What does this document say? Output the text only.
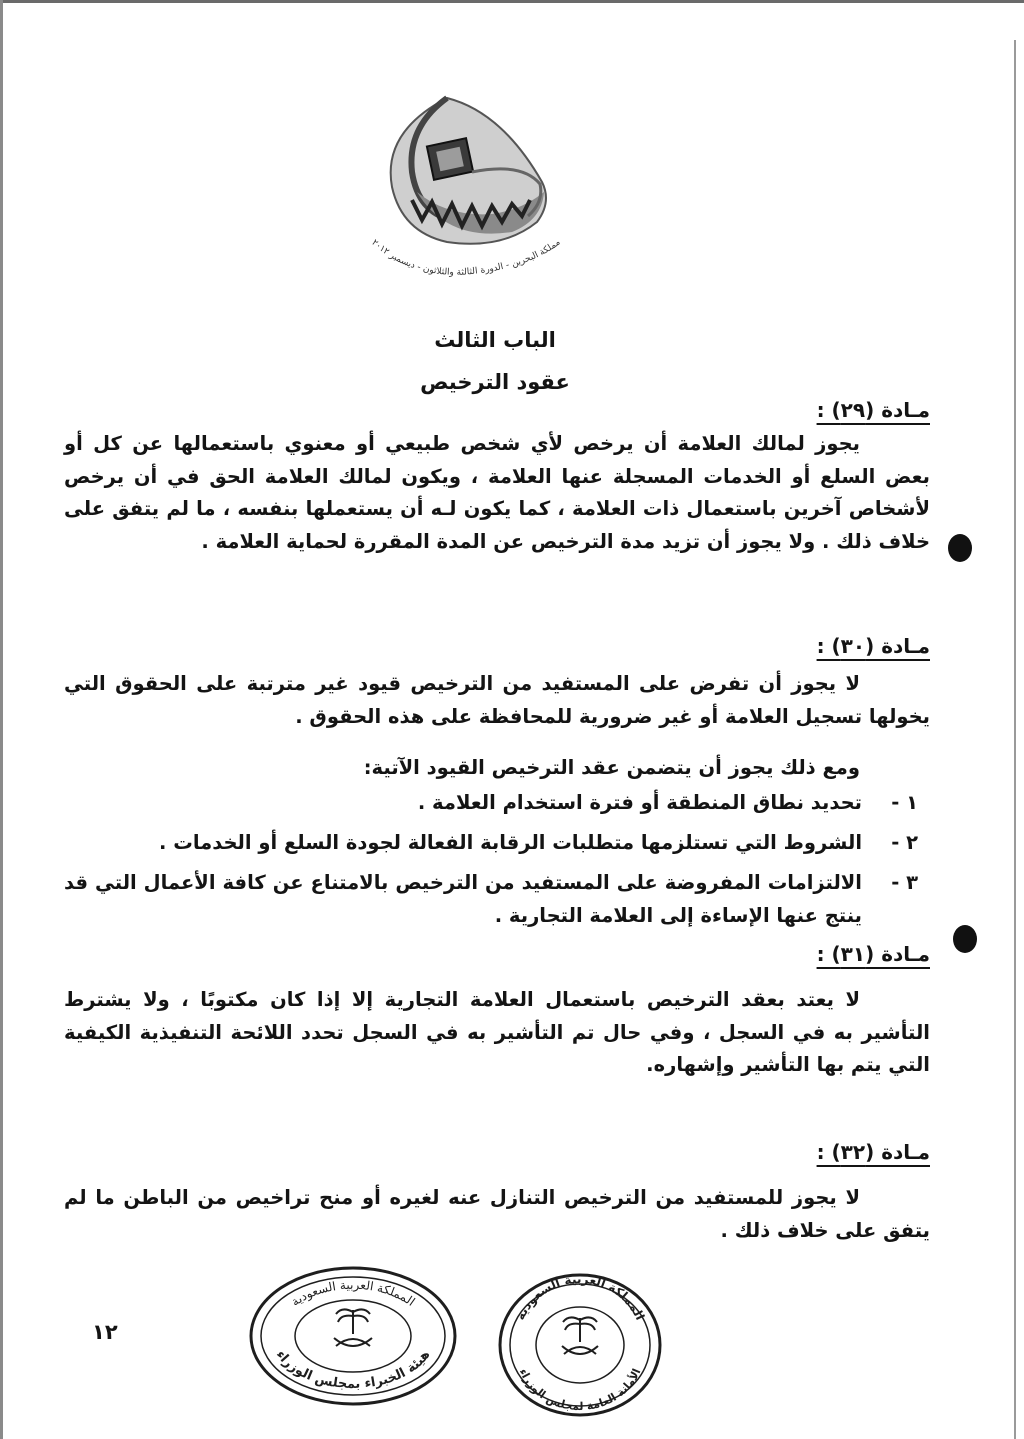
مملكة البحرين - الدورة الثالثة والثلاثون - ديسمبر ٢٠١٢
الباب الثالث
عقود الترخيص
مـادة (٢٩) :
يجوز لمالك العلامة أن يرخص لأي شخص طبيعي أو معنوي باستعمالها عن كل أو بعض السلع أو الخدمات المسجلة عنها العلامة ، ويكون لمالك العلامة الحق في أن يرخص لأشخاص آخرين باستعمال ذات العلامة ، كما يكون لـه أن يستعملها بنفسه ، ما لم يتفق على خلاف ذلك . ولا يجوز أن تزيد مدة الترخيص عن المدة المقررة لحماية العلامة .
مـادة (٣٠) :
لا يجوز أن تفرض على المستفيد من الترخيص قيود غير مترتبة على الحقوق التي يخولها تسجيل العلامة أو غير ضرورية للمحافظة على هذه الحقوق .
ومع ذلك يجوز أن يتضمن عقد الترخيص القيود الآتية:
١ -
تحديد نطاق المنطقة أو فترة استخدام العلامة .
٢ -
الشروط التي تستلزمها متطلبات الرقابة الفعالة لجودة السلع أو الخدمات .
٣ -
الالتزامات المفروضة على المستفيد من الترخيص بالامتناع عن كافة الأعمال التي قد ينتج عنها الإساءة إلى العلامة التجارية .
مـادة (٣١) :
لا يعتد بعقد الترخيص باستعمال العلامة التجارية إلا إذا كان مكتوبًا ، ولا يشترط التأشير به في السجل ، وفي حال تم التأشير به في السجل تحدد اللائحة التنفيذية الكيفية التي يتم بها التأشير وإشهاره.
مـادة (٣٢) :
لا يجوز للمستفيد من الترخيص التنازل عنه لغيره أو منح تراخيص من الباطن ما لم يتفق على خلاف ذلك .
١٢
المملكة العربية السعودية
هيئة الخبراء بمجلس الوزراء
المملكة العربية السعودية
الأمانة العامة لمجلس الوزراء
